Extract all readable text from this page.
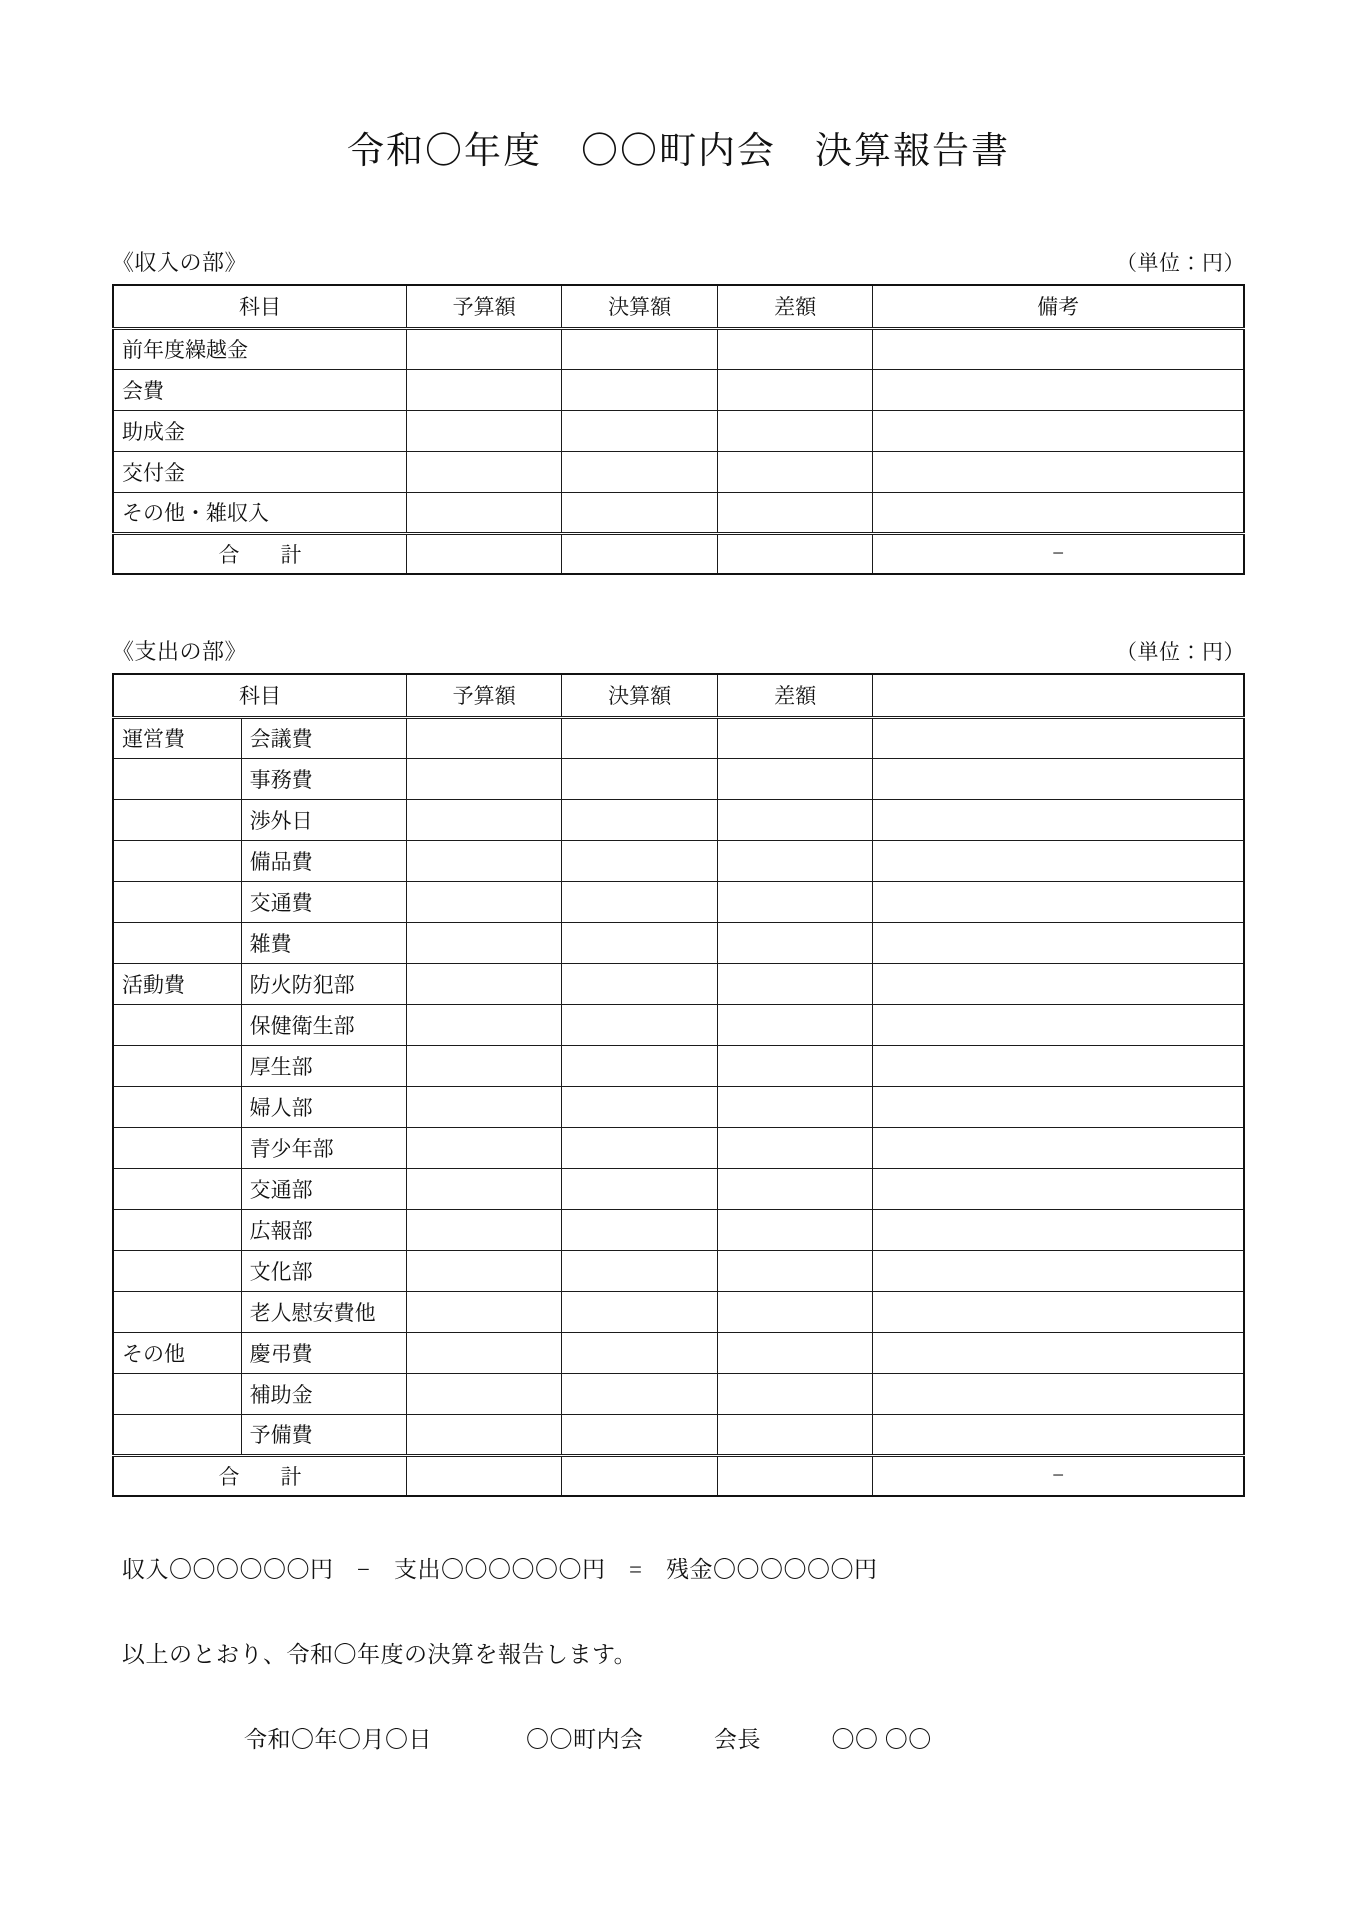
令和〇年度　〇〇町内会　決算報告書
《収入の部》	（単位：円）
科目	予算額	決算額	差額	備考
前年度繰越金				
会費				
助成金				
交付金				
その他・雑収入				
合　計				−
《支出の部》	（単位：円）
科目		予算額	決算額	差額	
運営費	会議費				
	事務費				
	渉外日				
	備品費				
	交通費				
	雑費				
活動費	防火防犯部				
	保健衛生部				
	厚生部				
	婦人部				
	青少年部				
	交通部				
	広報部				
	文化部				
	老人慰安費他				
その他	慶弔費				
	補助金				
	予備費				
合　計					−
収入〇〇〇〇〇〇円　−　支出〇〇〇〇〇〇円　=　残金〇〇〇〇〇〇円
以上のとおり、令和〇年度の決算を報告します。
令和〇年〇月〇日　　　　〇〇町内会　　　会長　　　〇〇 〇〇
